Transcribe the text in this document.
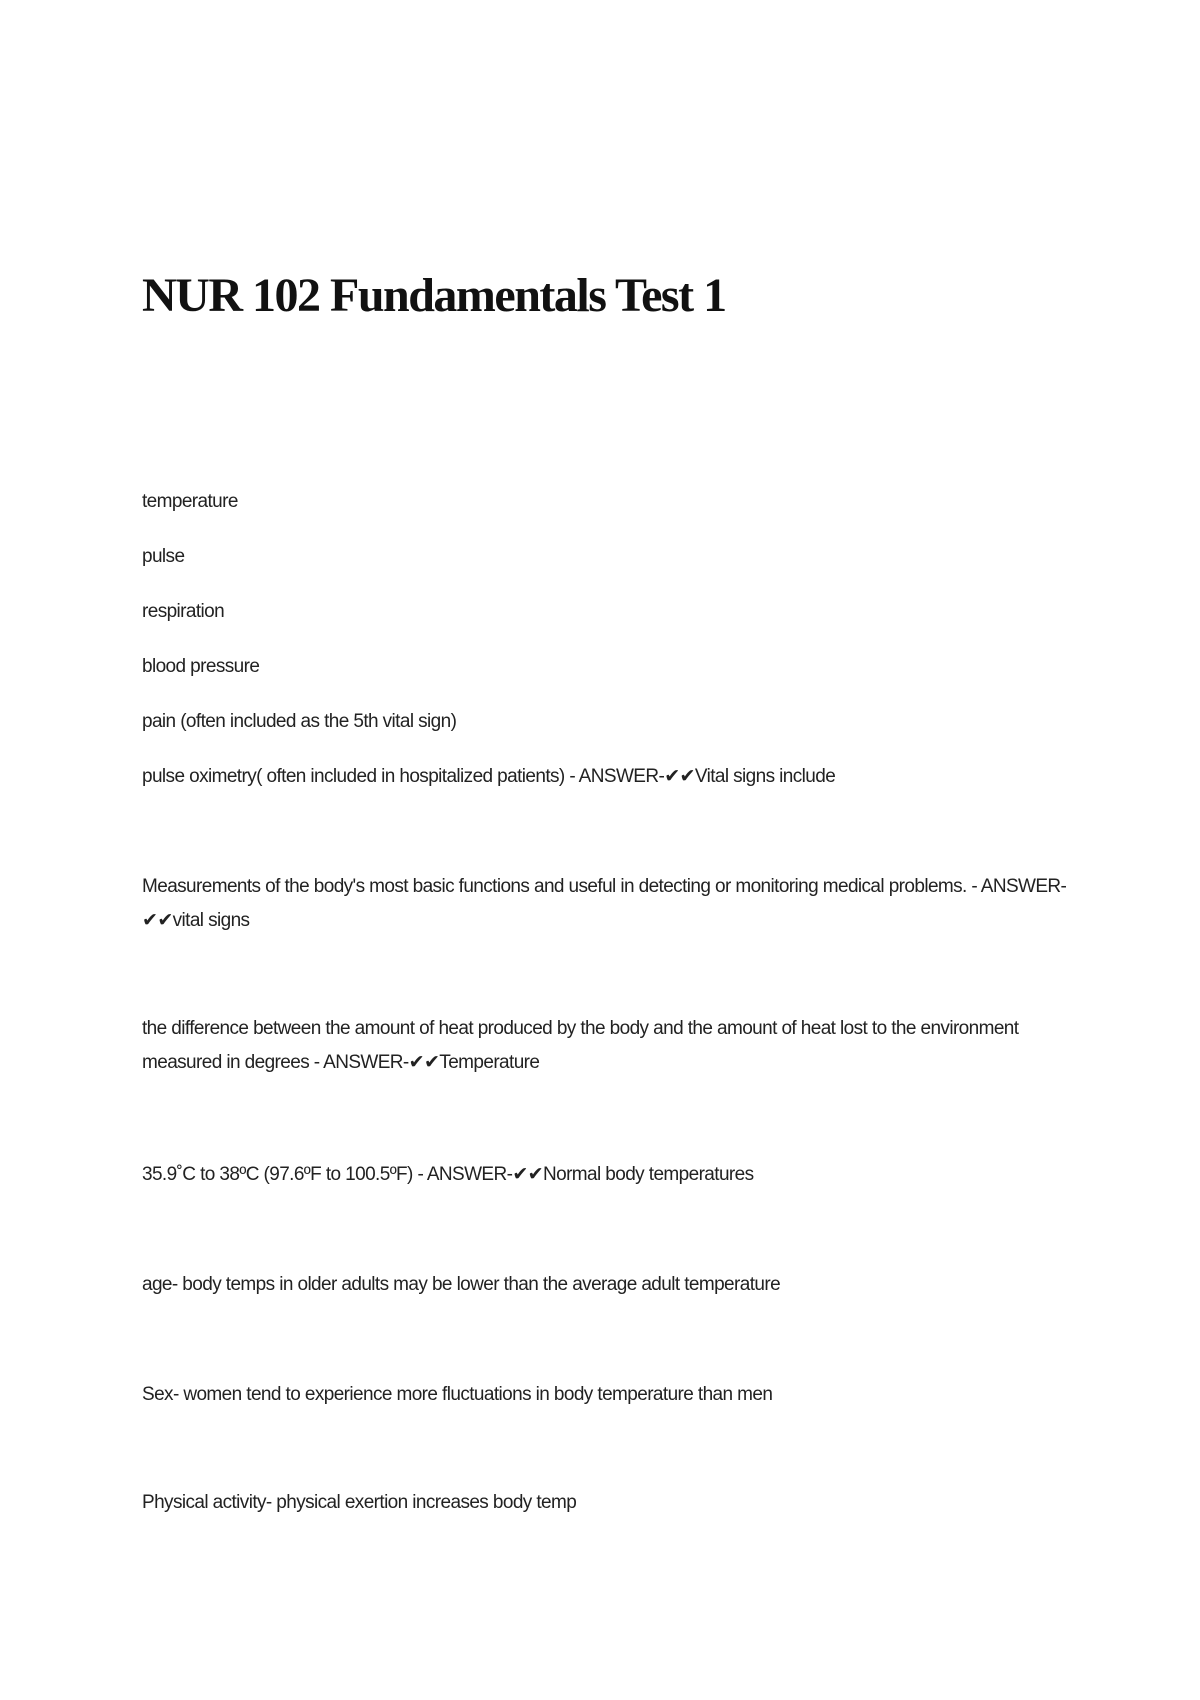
NUR 102 Fundamentals Test 1

temperature

pulse

respiration

blood pressure

pain (often included as the 5th vital sign)

pulse oximetry( often included in hospitalized patients) - ANSWER-✔✔Vital signs include

Measurements of the body's most basic functions and useful in detecting or monitoring medical problems. - ANSWER-✔✔vital signs

the difference between the amount of heat produced by the body and the amount of heat lost to the environment measured in degrees - ANSWER-✔✔Temperature

35.9˚C to 38ºC (97.6ºF to 100.5ºF) - ANSWER-✔✔Normal body temperatures

age- body temps in older adults may be lower than the average adult temperature

Sex- women tend to experience more fluctuations in body temperature than men

Physical activity- physical exertion increases body temp
